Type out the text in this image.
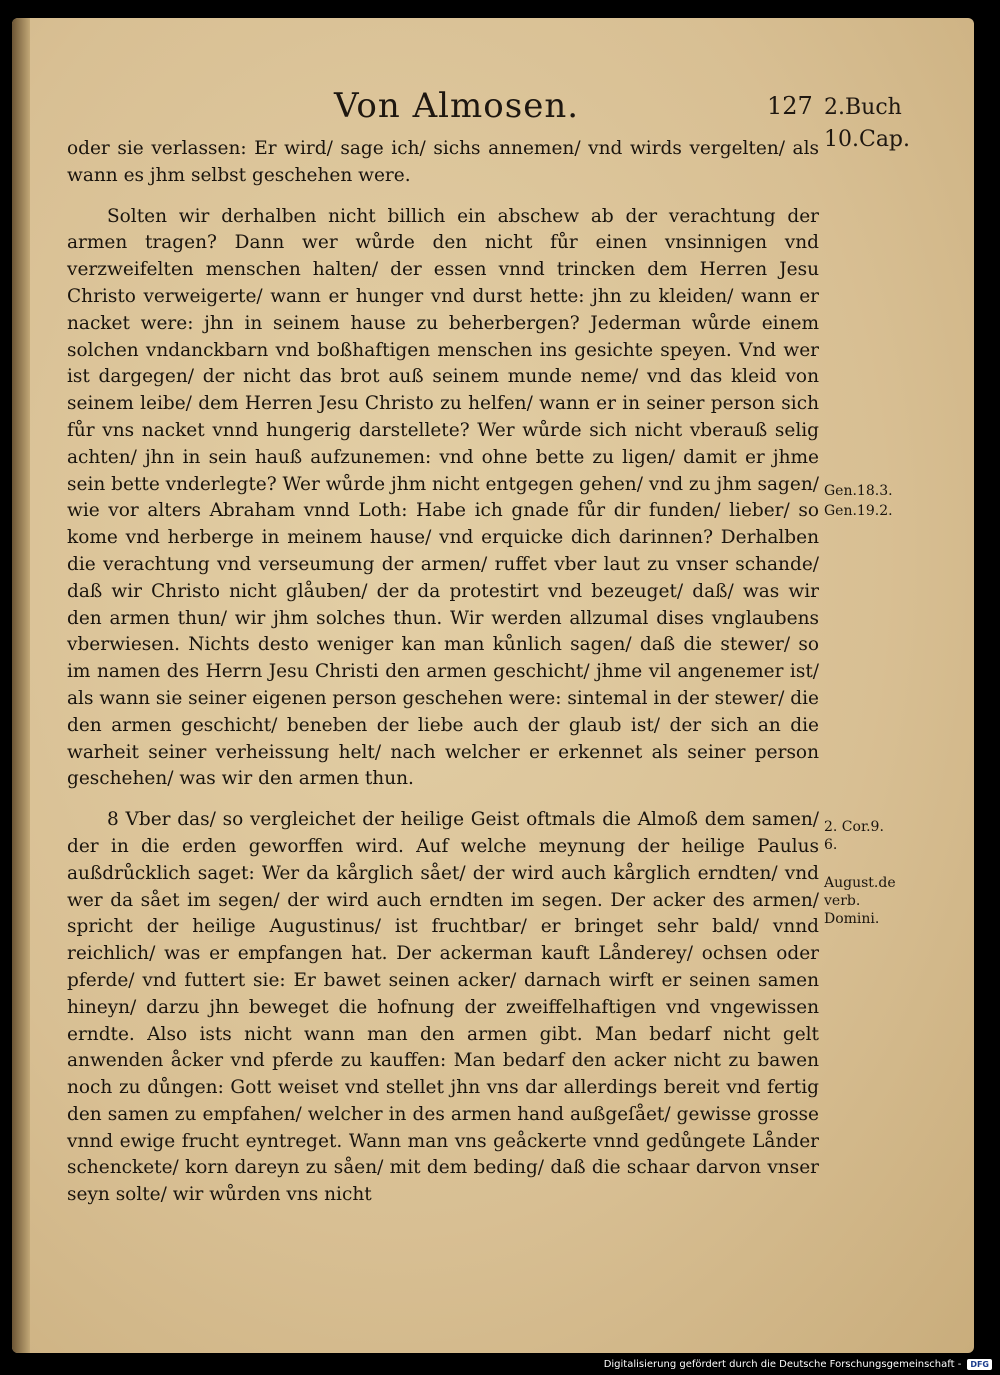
Von Almosen.	127 2.Buch
10.Cap.

oder sie verlassen: Er wird/ sage ich/ sichs annemen/ vnd wirds vergelten/ als wann es jhm selbst geschehen were.

Solten wir derhalben nicht billich ein abschew ab der verachtung der armen tragen? Dann wer wůrde den nicht fůr einen vnsinnigen vnd verzweifelten menschen halten/ der essen vnnd trincken dem Herren Jesu Christo verweigerte/ wann er hunger vnd durst hette: jhn zu kleiden/ wann er nacket were: jhn in seinem hause zu beherbergen? Jederman wůrde einem solchen vndanckbarn vnd boßhaftigen menschen ins gesichte speyen. Vnd wer ist dargegen/ der nicht das brot auß seinem munde neme/ vnd das kleid von seinem leibe/ dem Herren Jesu Christo zu helfen/ wann er in seiner person sich fůr vns nacket vnnd hungerig darstellete? Wer wůrde sich nicht vberauß selig achten/ jhn in sein hauß aufzunemen: vnd ohne bette zu ligen/ damit er jhme sein bette vnderlegte? Wer wůrde jhm nicht entgegen gehen/ vnd zu jhm sagen/ wie vor alters Abraham vnnd Loth: Habe ich gnade fůr dir funden/ lieber/ so kome vnd herberge in meinem hause/ vnd erquicke dich darinnen? Derhalben die verachtung vnd verseumung der armen/ ruffet vber laut zu vnser schande/ daß wir Christo nicht glåuben/ der da protestirt vnd bezeuget/ daß/ was wir den armen thun/ wir jhm solches thun. Wir werden allzumal dises vnglaubens vberwiesen. Nichts desto weniger kan man kůnlich sagen/ daß die stewer/ so im namen des Herrn Jesu Christi den armen geschicht/ jhme vil angenemer ist/ als wann sie seiner eigenen person geschehen were: sintemal in der stewer/ die den armen geschicht/ beneben der liebe auch der glaub ist/ der sich an die warheit seiner verheissung helt/ nach welcher er erkennet als seiner person geschehen/ was wir den armen thun.

8 Vber das/ so vergleichet der heilige Geist oftmals die Almoß dem samen/ der in die erden geworffen wird. Auf welche meynung der heilige Paulus außdrůcklich saget: Wer da kårglich sået/ der wird auch kårglich erndten/ vnd wer da sået im segen/ der wird auch erndten im segen. Der acker des armen/ spricht der heilige Augustinus/ ist fruchtbar/ er bringet sehr bald/ vnnd reichlich/ was er empfangen hat. Der ackerman kauft Lånderey/ ochsen oder pferde/ vnd futtert sie: Er bawet seinen acker/ darnach wirft er seinen samen hineyn/ darzu jhn beweget die hofnung der zweiffelhaftigen vnd vngewissen erndte. Also ists nicht wann man den armen gibt. Man bedarf nicht gelt anwenden åcker vnd pferde zu kauffen: Man bedarf den acker nicht zu bawen noch zu důngen: Gott weiset vnd stellet jhn vns dar allerdings bereit vnd fertig den samen zu empfahen/ welcher in des armen hand außgeſået/ gewisse grosse vnnd ewige frucht eyntreget. Wann man vns geåckerte vnnd gedůngete Lånder schenckete/ korn dareyn zu såen/ mit dem beding/ daß die schaar darvon vnser seyn solte/ wir wůrden vns nicht

Gen.18.3.
Gen.19.2.
2. Cor.9. 6.
August.de verb. Domini.
Digitalisierung gefördert durch die Deutsche Forschungsgemeinschaft -	DFG
